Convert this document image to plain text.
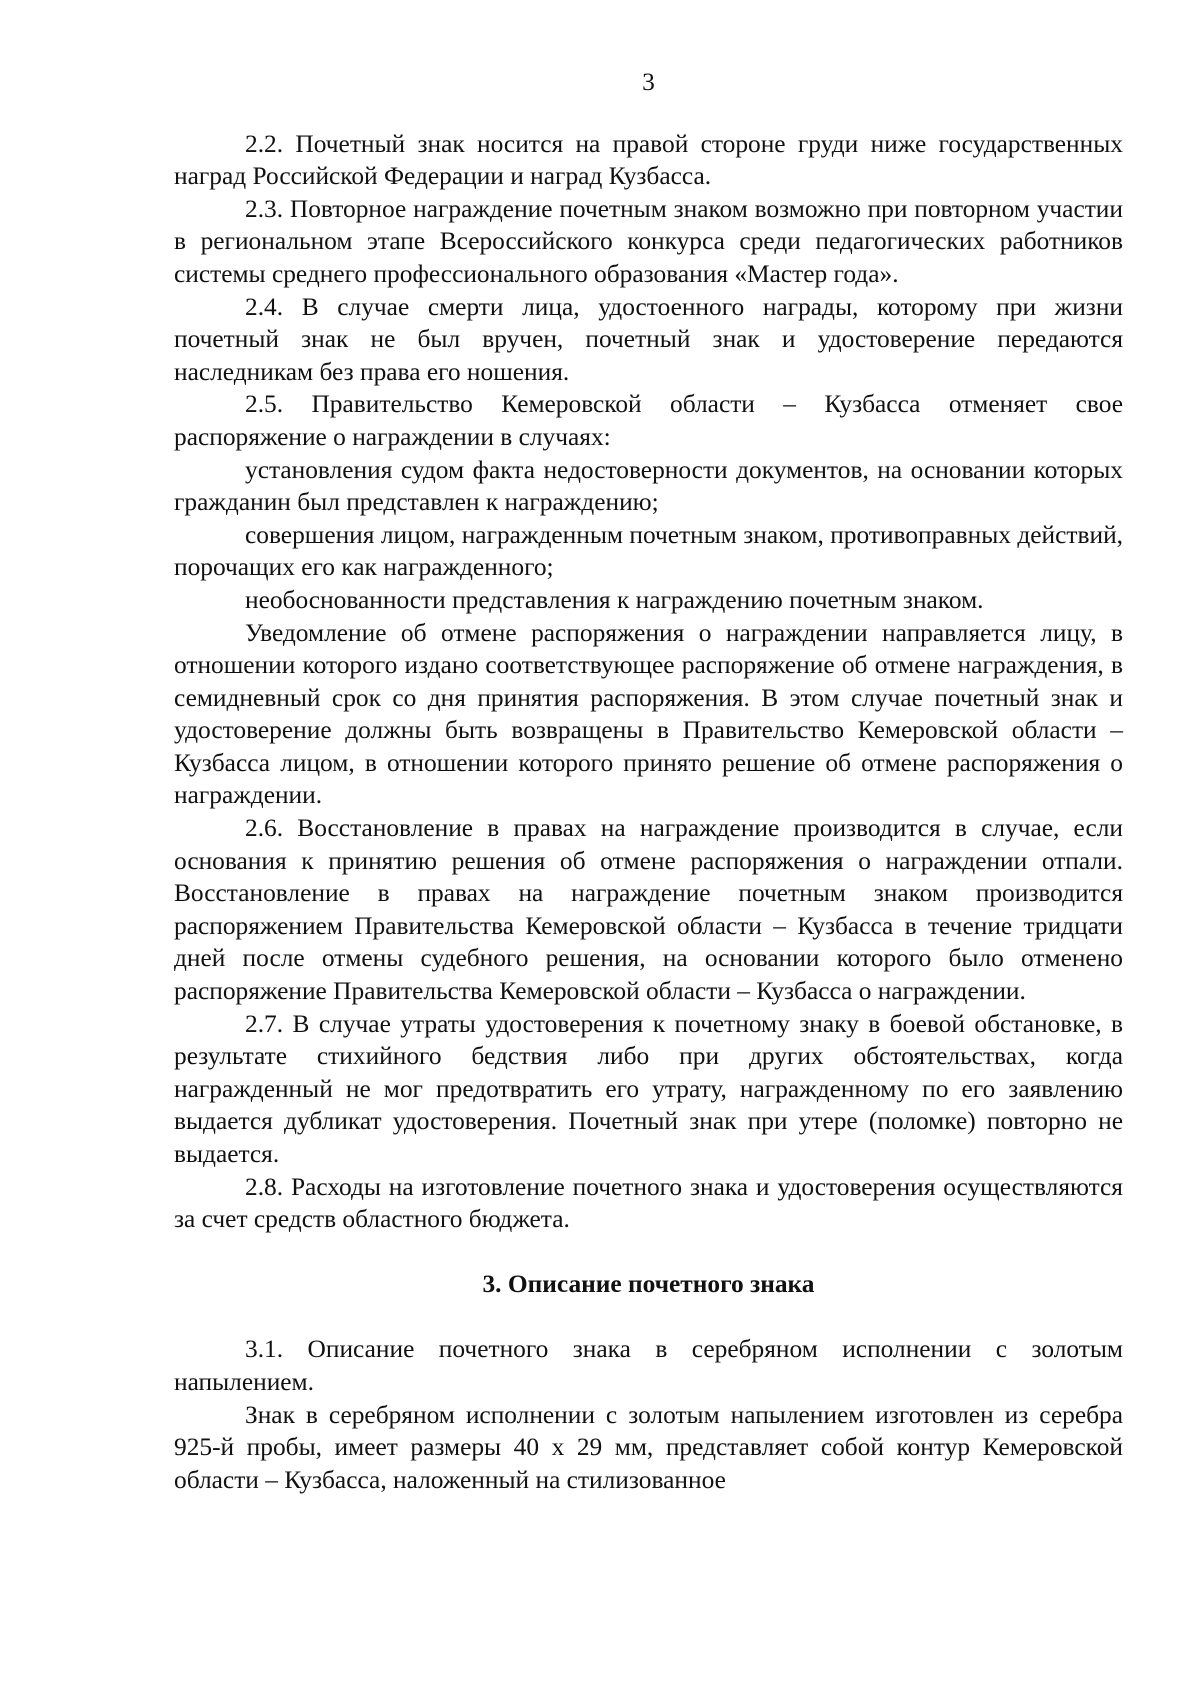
3

2.2. Почетный знак носится на правой стороне груди ниже государственных наград Российской Федерации и наград Кузбасса.

2.3. Повторное награждение почетным знаком возможно при повторном участии в региональном этапе Всероссийского конкурса среди педагогических работников системы среднего профессионального образования «Мастер года».

2.4. В случае смерти лица, удостоенного награды, которому при жизни почетный знак не был вручен, почетный знак и удостоверение передаются наследникам без права его ношения.

2.5. Правительство Кемеровской области – Кузбасса отменяет свое распоряжение о награждении в случаях:

установления судом факта недостоверности документов, на основании которых гражданин был представлен к награждению;

совершения лицом, награжденным почетным знаком, противоправных действий, порочащих его как награжденного;

необоснованности представления к награждению почетным знаком.

Уведомление об отмене распоряжения о награждении направляется лицу, в отношении которого издано соответствующее распоряжение об отмене награждения, в семидневный срок со дня принятия распоряжения. В этом случае почетный знак и удостоверение должны быть возвращены в Правительство Кемеровской области – Кузбасса лицом, в отношении которого принято решение об отмене распоряжения о награждении.

2.6. Восстановление в правах на награждение производится в случае, если основания к принятию решения об отмене распоряжения о награждении отпали. Восстановление в правах на награждение почетным знаком производится распоряжением Правительства Кемеровской области – Кузбасса в течение тридцати дней после отмены судебного решения, на основании которого было отменено распоряжение Правительства Кемеровской области – Кузбасса о награждении.

2.7. В случае утраты удостоверения к почетному знаку в боевой обстановке, в результате стихийного бедствия либо при других обстоятельствах, когда награжденный не мог предотвратить его утрату, награжденному по его заявлению выдается дубликат удостоверения. Почетный знак при утере (поломке) повторно не выдается.

2.8. Расходы на изготовление почетного знака и удостоверения осуществляются за счет средств областного бюджета.

3. Описание почетного знака

3.1. Описание почетного знака в серебряном исполнении с золотым напылением.

Знак в серебряном исполнении с золотым напылением изготовлен из серебра 925-й пробы, имеет размеры 40 х 29 мм, представляет собой контур Кемеровской области – Кузбасса, наложенный на стилизованное
